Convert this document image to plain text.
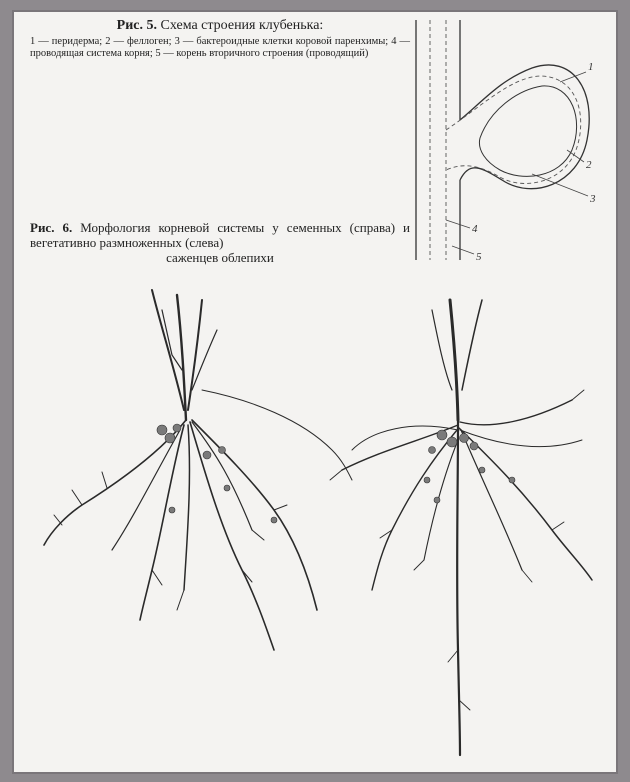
Рис. 5. Схема строения клубенька:
1 — перидерма; 2 — феллоген; 3 — бактероидные клетки коровой паренхимы; 4 — проводящая система корня; 5 — корень вторичного строения (проводящий)
Рис. 6. Морфология корневой системы у семенных (справа) и вегетативно размноженных (слева)
саженцев облепихи
1
2
3
4
5
